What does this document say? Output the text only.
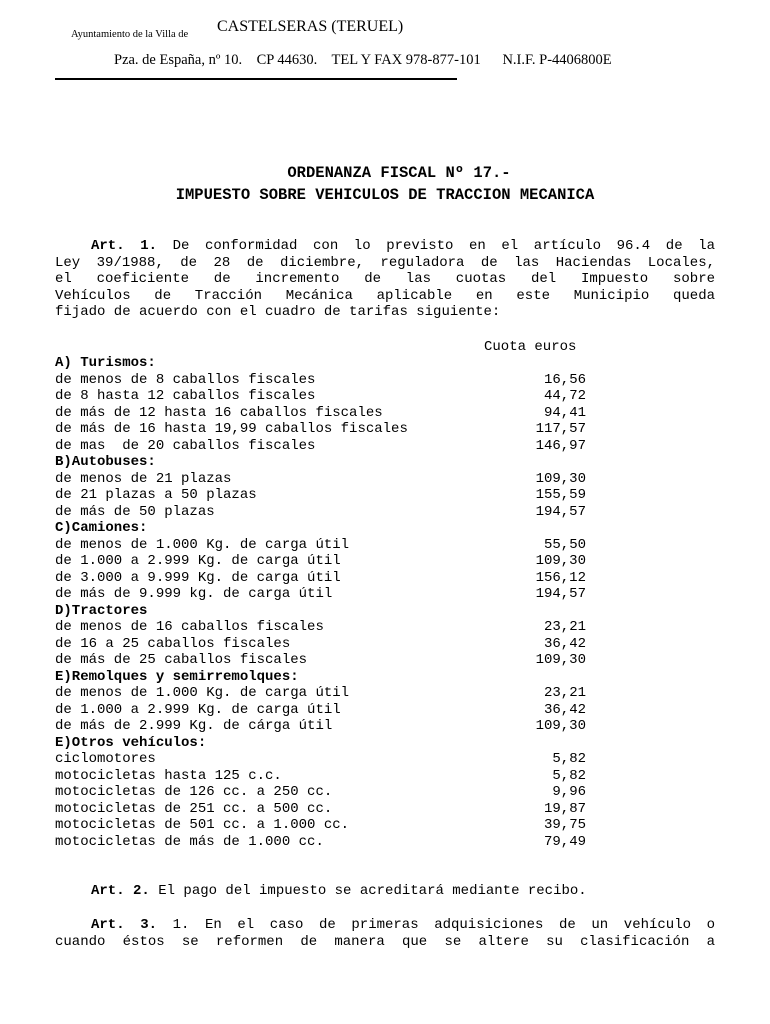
Ayuntamiento de la Villa de CASTELSERAS (TERUEL)
Pza. de España, nº 10.    CP 44630.    TEL Y FAX 978-877-101      N.I.F. P-4406800E
ORDENANZA FISCAL Nº 17.-
IMPUESTO SOBRE VEHICULOS DE TRACCION MECANICA
Art. 1. De conformidad con lo previsto en el artículo 96.4 de la
Ley 39/1988, de 28 de diciembre, reguladora de las Haciendas Locales,
el coeficiente de incremento de las cuotas del Impuesto sobre
Vehículos de Tracción Mecánica aplicable en este Municipio queda
fijado de acuerdo con el cuadro de tarifas siguiente:
Cuota euros
A) Turismos:
de menos de 8 caballos fiscales	16,56
de 8 hasta 12 caballos fiscales	44,72
de más de 12 hasta 16 caballos fiscales	94,41
de más de 16 hasta 19,99 caballos fiscales	117,57
de mas  de 20 caballos fiscales	146,97
B)Autobuses:
de menos de 21 plazas	109,30
de 21 plazas a 50 plazas	155,59
de más de 50 plazas	194,57
C)Camiones:
de menos de 1.000 Kg. de carga útil	55,50
de 1.000 a 2.999 Kg. de carga útil	109,30
de 3.000 a 9.999 Kg. de carga útil	156,12
de más de 9.999 kg. de carga útil	194,57
D)Tractores
de menos de 16 caballos fiscales	23,21
de 16 a 25 caballos fiscales	36,42
de más de 25 caballos fiscales	109,30
E)Remolques y semirremolques:
de menos de 1.000 Kg. de carga útil	23,21
de 1.000 a 2.999 Kg. de carga útil	36,42
de más de 2.999 Kg. de cárga útil	109,30
E)Otros vehículos:
ciclomotores	5,82
motocicletas hasta 125 c.c.	5,82
motocicletas de 126 cc. a 250 cc.	9,96
motocicletas de 251 cc. a 500 cc.	19,87
motocicletas de 501 cc. a 1.000 cc.	39,75
motocicletas de más de 1.000 cc.	79,49
Art. 2. El pago del impuesto se acreditará mediante recibo.
Art. 3. 1. En el caso de primeras adquisiciones de un vehículo o
cuando éstos se reformen de manera que se altere su clasificación a
